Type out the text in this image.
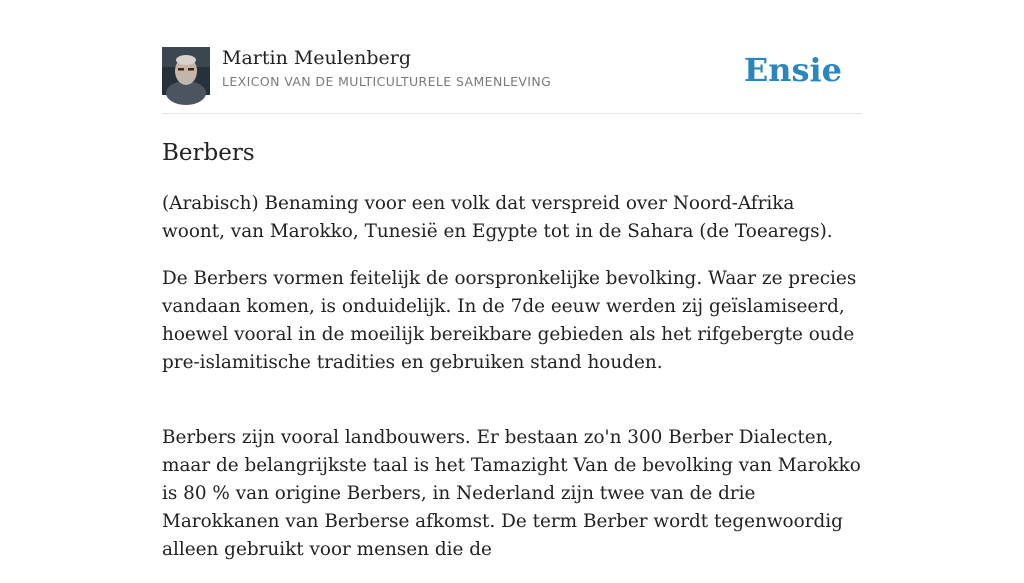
Martin Meulenberg
LEXICON VAN DE MULTICULTURELE SAMENLEVING	Ensie
Berbers

(Arabisch) Benaming voor een volk dat verspreid over Noord-Afrika woont, van Marokko, Tunesië en Egypte tot in de Sahara (de Toearegs).

De Berbers vormen feitelijk de oorspronkelijke bevolking. Waar ze precies vandaan komen, is onduidelijk. In de 7de eeuw werden zij geïslamiseerd, hoewel vooral in de moeilijk bereikbare gebieden als het rifgebergte oude pre-islamitische tradities en gebruiken stand houden.

Berbers zijn vooral landbouwers. Er bestaan zo'n 300 Berber Dialecten, maar de belangrijkste taal is het Tamazight Van de bevolking van Marokko is 80 % van origine Berbers, in Nederland zijn twee van de drie Marokkanen van Berberse afkomst. De term Berber wordt tegenwoordig alleen gebruikt voor mensen die de
